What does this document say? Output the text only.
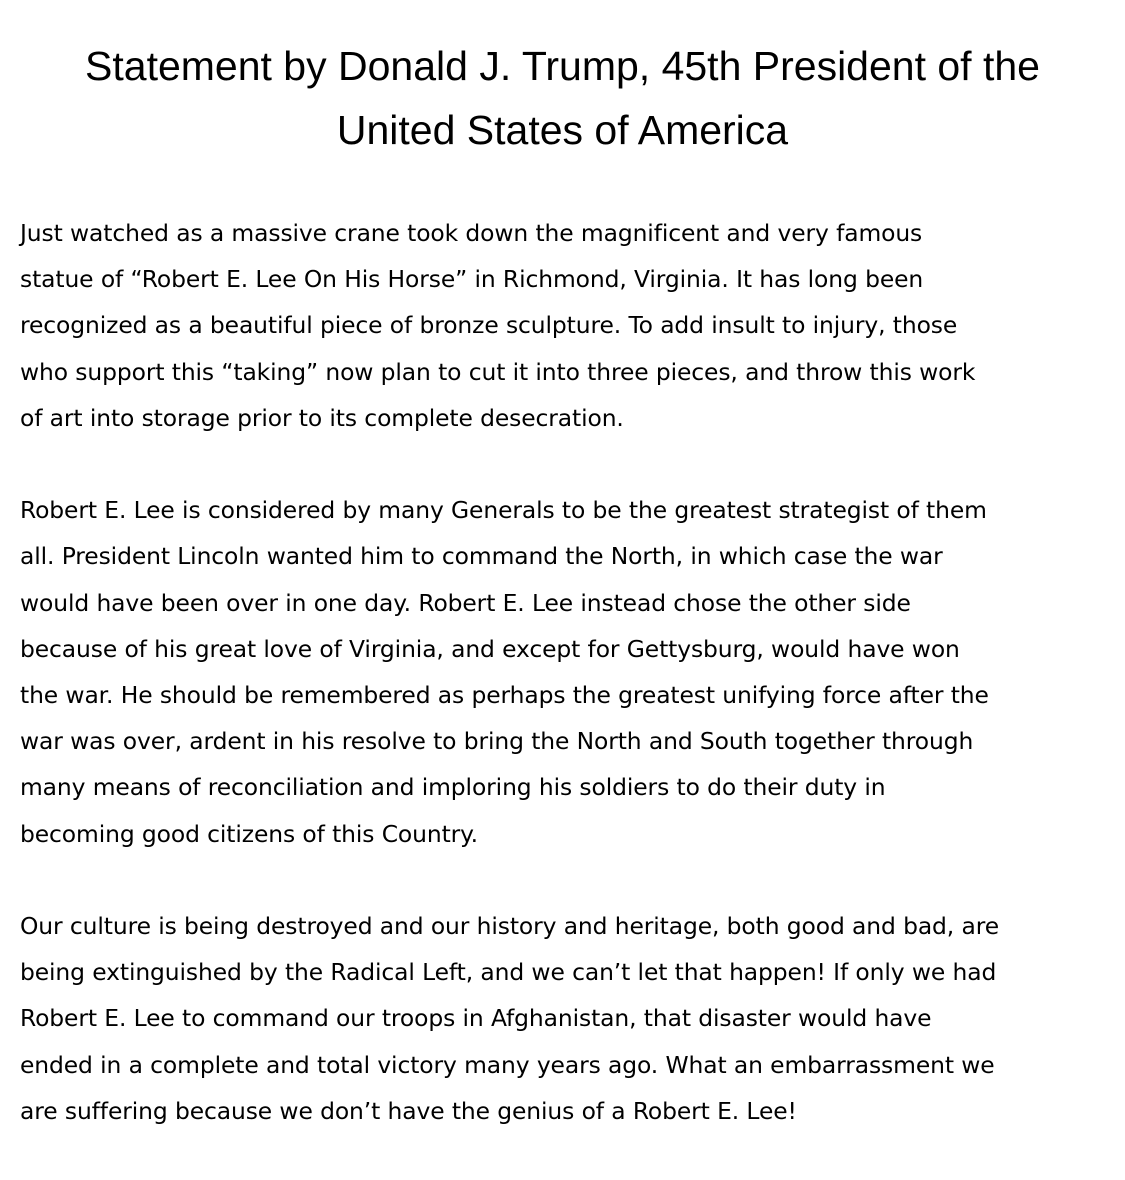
Statement by Donald J. Trump, 45th President of the
United States of America

Just watched as a massive crane took down the magnificent and very famous
statue of “Robert E. Lee On His Horse” in Richmond, Virginia. It has long been
recognized as a beautiful piece of bronze sculpture. To add insult to injury, those
who support this “taking” now plan to cut it into three pieces, and throw this work
of art into storage prior to its complete desecration.

Robert E. Lee is considered by many Generals to be the greatest strategist of them
all. President Lincoln wanted him to command the North, in which case the war
would have been over in one day. Robert E. Lee instead chose the other side
because of his great love of Virginia, and except for Gettysburg, would have won
the war. He should be remembered as perhaps the greatest unifying force after the
war was over, ardent in his resolve to bring the North and South together through
many means of reconciliation and imploring his soldiers to do their duty in
becoming good citizens of this Country.

Our culture is being destroyed and our history and heritage, both good and bad, are
being extinguished by the Radical Left, and we can’t let that happen! If only we had
Robert E. Lee to command our troops in Afghanistan, that disaster would have
ended in a complete and total victory many years ago. What an embarrassment we
are suffering because we don’t have the genius of a Robert E. Lee!
